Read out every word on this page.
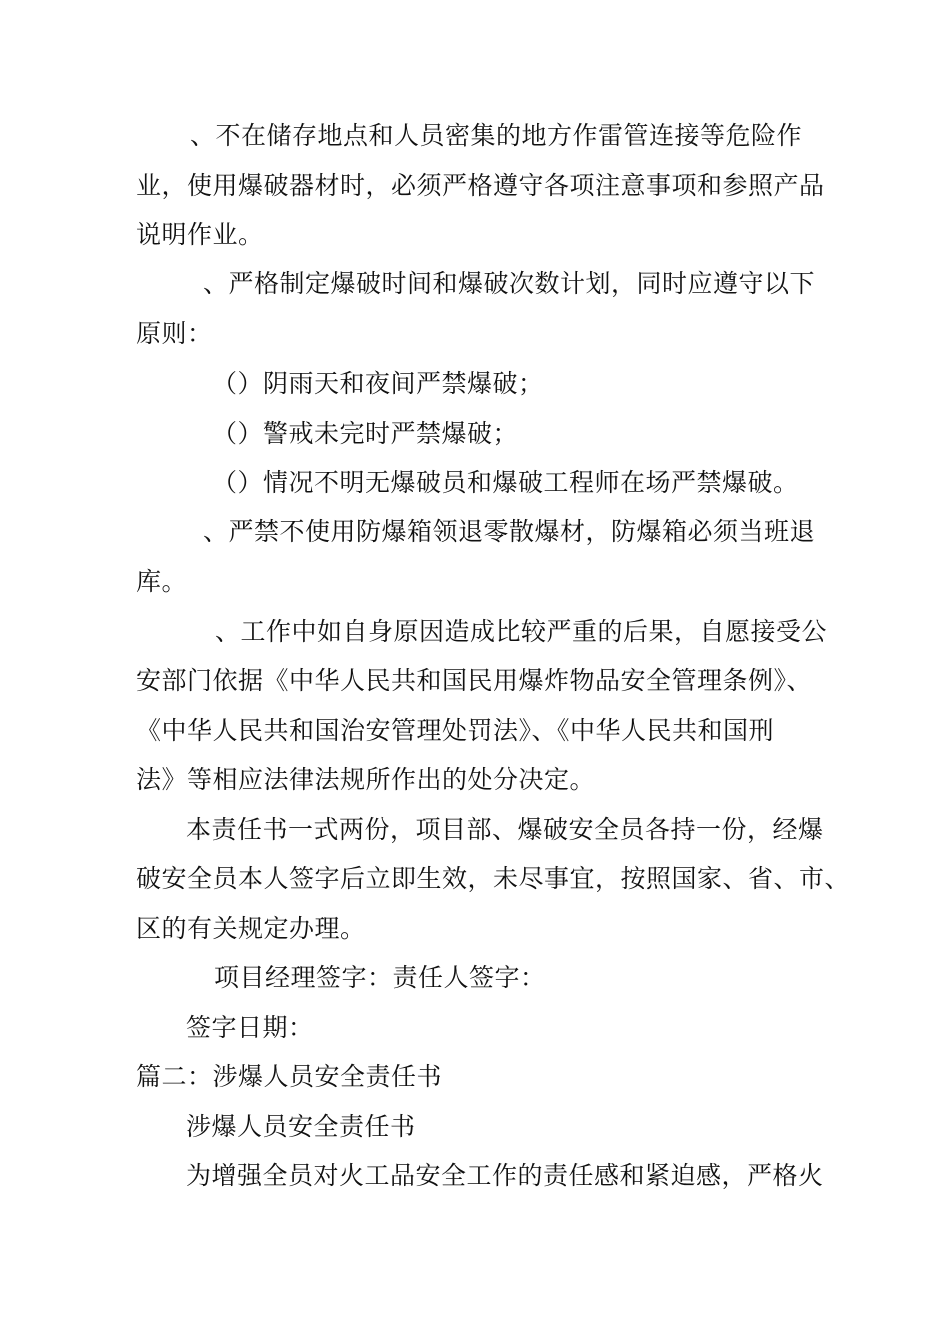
、不在储存地点和人员密集的地方作雷管连接等危险作
业，使用爆破器材时，必须严格遵守各项注意事项和参照产品
说明作业。
、严格制定爆破时间和爆破次数计划，同时应遵守以下
原则：
（）阴雨天和夜间严禁爆破；
（）警戒未完时严禁爆破；
（）情况不明无爆破员和爆破工程师在场严禁爆破。
、严禁不使用防爆箱领退零散爆材，防爆箱必须当班退
库。
、工作中如自身原因造成比较严重的后果，自愿接受公
安部门依据《中华人民共和国民用爆炸物品安全管理条例》、
《中华人民共和国治安管理处罚法》、《中华人民共和国刑
法》等相应法律法规所作出的处分决定。
本责任书一式两份，项目部、爆破安全员各持一份，经爆
破安全员本人签字后立即生效，未尽事宜，按照国家、省、市、
区的有关规定办理。
项目经理签字：责任人签字：
签字日期：
篇二：涉爆人员安全责任书
涉爆人员安全责任书
为增强全员对火工品安全工作的责任感和紧迫感，严格火
